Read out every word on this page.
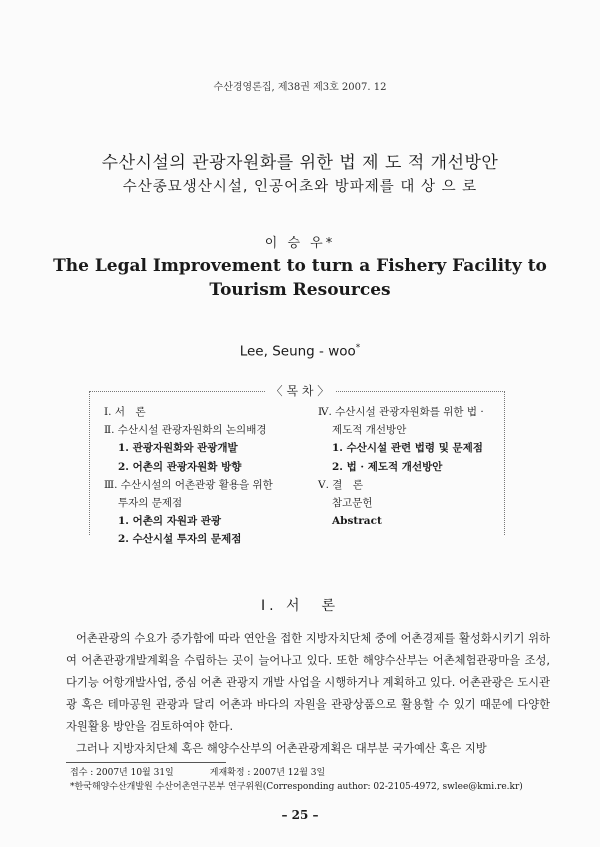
수산경영론집, 제38권 제3호 2007. 12
수산시설의 관광자원화를 위한 법 제 도 적 개선방안
수산종묘생산시설, 인공어초와 방파제를 대 상 으 로
이 승 우*
The Legal Improvement to turn a Fishery Facility to
Tourism Resources
Lee, Seung - woo*
〈 목 차 〉
Ⅰ. 서　론
Ⅱ. 수산시설 관광자원화의 논의배경
1. 관광자원화와 관광개발
2. 어촌의 관광자원화 방향
Ⅲ. 수산시설의 어촌관광 활용을 위한
투자의 문제점
1. 어촌의 자원과 관광
2. 수산시설 투자의 문제점
Ⅳ. 수산시설 관광자원화를 위한 법 ·
제도적 개선방안
1. 수산시설 관련 법령 및 문제점
2. 법 · 제도적 개선방안
Ⅴ. 결　론
참고문헌
Abstract
Ⅰ. 서　론

어촌관광의 수요가 증가함에 따라 연안을 접한 지방자치단체 중에 어촌경제를 활성화시키기 위하여 어촌관광개발계획을 수립하는 곳이 늘어나고 있다. 또한 해양수산부는 어촌체험관광마을 조성, 다기능 어항개발사업, 중심 어촌 관광지 개발 사업을 시행하거나 계획하고 있다. 어촌관광은 도시관광 혹은 테마공원 관광과 달리 어촌과 바다의 자원을 관광상품으로 활용할 수 있기 때문에 다양한 자원활용 방안을 검토하여야 한다.

그러나 지방자치단체 혹은 해양수산부의 어촌관광계획은 대부분 국가예산 혹은 지방

접수 : 2007년 10월 31일	게재확정 : 2007년 12월 3일
*한국해양수산개발원 수산어촌연구본부 연구위원(Corresponding author: 02-2105-4972, swlee@kmi.re.kr)
– 25 –
